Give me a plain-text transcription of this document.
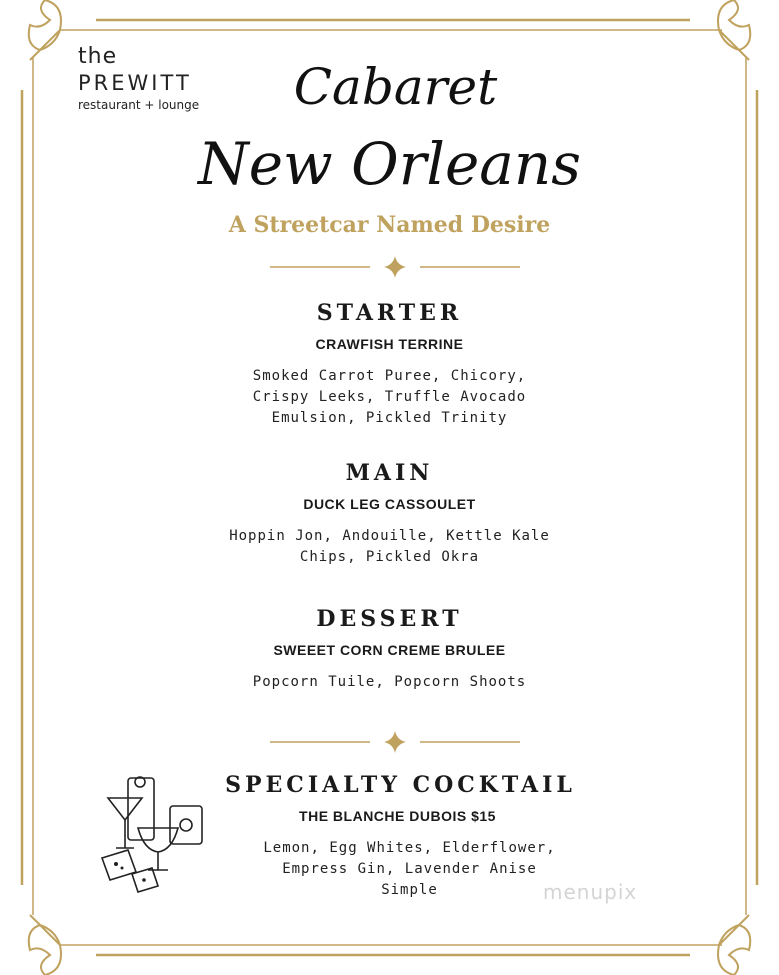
the
PREWITT
restaurant + lounge	Cabaret
New Orleans
A Streetcar Named Desire
STARTER
CRAWFISH TERRINE
Smoked Carrot Puree, Chicory,
Crispy Leeks, Truffle Avocado
Emulsion, Pickled Trinity
MAIN
DUCK LEG CASSOULET
Hoppin Jon, Andouille, Kettle Kale
Chips, Pickled Okra
DESSERT
SWEEET CORN CREME BRULEE
Popcorn Tuile, Popcorn Shoots
SPECIALTY COCKTAIL
THE BLANCHE DUBOIS $15
Lemon, Egg Whites, Elderflower,
Empress Gin, Lavender Anise
Simple	menupix
